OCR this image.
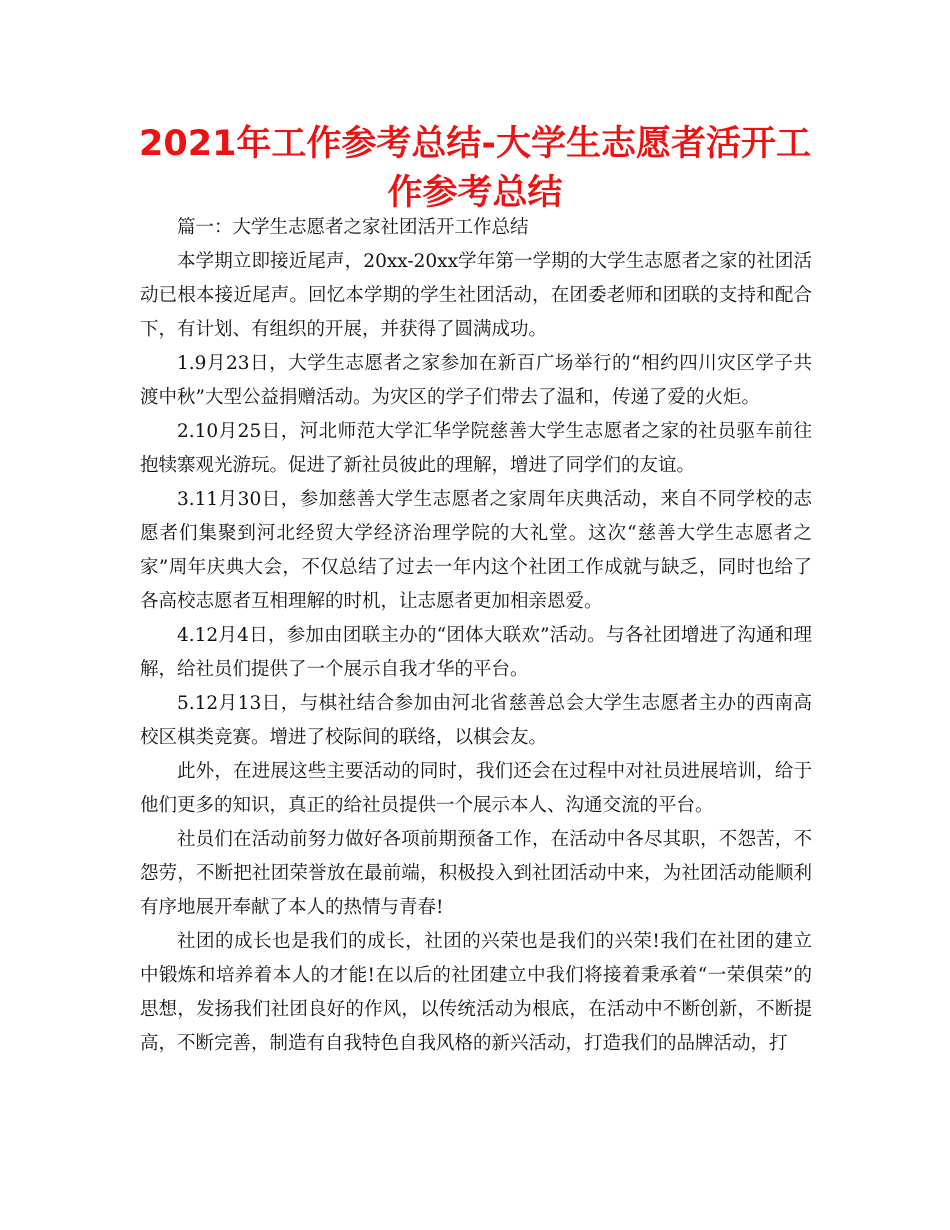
2021年工作参考总结-大学生志愿者活开工作参考总结

篇一：大学生志愿者之家社团活开工作总结

本学期立即接近尾声，20xx-20xx学年第一学期的大学生志愿者之家的社团活动已根本接近尾声。回忆本学期的学生社团活动，在团委老师和团联的支持和配合下，有计划、有组织的开展，并获得了圆满成功。

1.9月23日，大学生志愿者之家参加在新百广场举行的“相约四川灾区学子共渡中秋”大型公益捐赠活动。为灾区的学子们带去了温和，传递了爱的火炬。

2.10月25日，河北师范大学汇华学院慈善大学生志愿者之家的社员驱车前往抱犊寨观光游玩。促进了新社员彼此的理解，增进了同学们的友谊。

3.11月30日，参加慈善大学生志愿者之家周年庆典活动，来自不同学校的志愿者们集聚到河北经贸大学经济治理学院的大礼堂。这次“慈善大学生志愿者之家”周年庆典大会，不仅总结了过去一年内这个社团工作成就与缺乏，同时也给了各高校志愿者互相理解的时机，让志愿者更加相亲恩爱。

4.12月4日，参加由团联主办的“团体大联欢”活动。与各社团增进了沟通和理解，给社员们提供了一个展示自我才华的平台。

5.12月13日，与棋社结合参加由河北省慈善总会大学生志愿者主办的西南高校区棋类竞赛。增进了校际间的联络，以棋会友。

此外，在进展这些主要活动的同时，我们还会在过程中对社员进展培训，给于他们更多的知识，真正的给社员提供一个展示本人、沟通交流的平台。

社员们在活动前努力做好各项前期预备工作，在活动中各尽其职，不怨苦，不怨劳，不断把社团荣誉放在最前端，积极投入到社团活动中来，为社团活动能顺利有序地展开奉献了本人的热情与青春!

社团的成长也是我们的成长，社团的兴荣也是我们的兴荣!我们在社团的建立中锻炼和培养着本人的才能!在以后的社团建立中我们将接着秉承着“一荣俱荣”的思想，发扬我们社团良好的作风，以传统活动为根底，在活动中不断创新，不断提高，不断完善，制造有自我特色自我风格的新兴活动，打造我们的品牌活动，打
